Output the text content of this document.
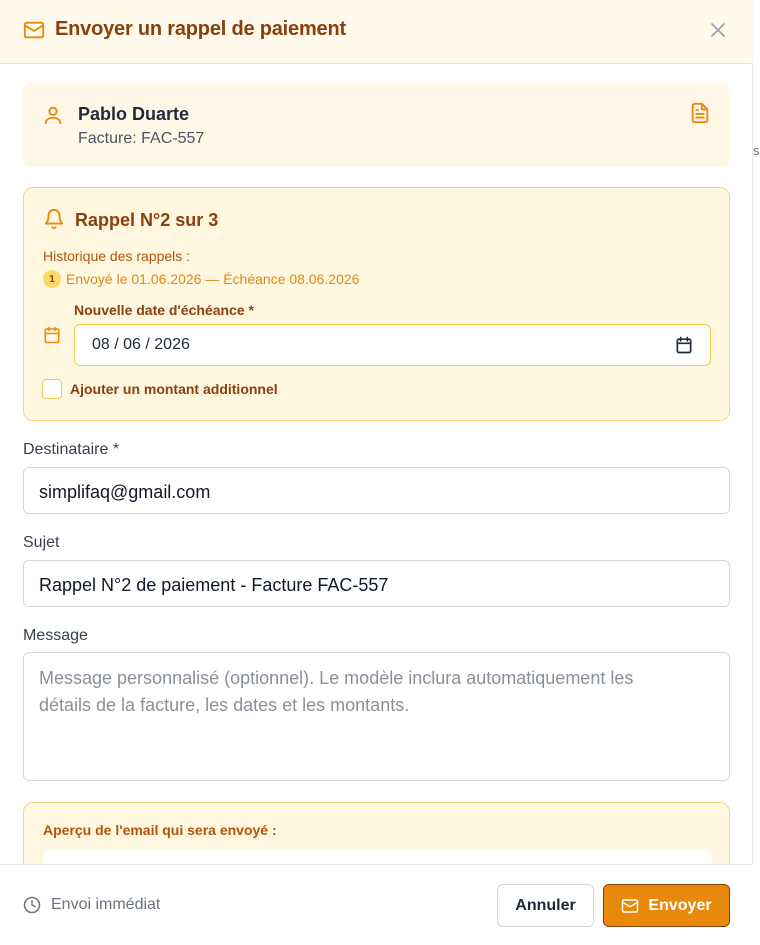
s
Envoyer un rappel de paiement
Pablo Duarte
Facture: FAC-557
Rappel N°2 sur 3
Historique des rappels :
1 Envoyé le 01.06.2026 — Échéance 08.06.2026
Nouvelle date d'échéance *
08 / 06 / 2026
Ajouter un montant additionnel
Destinataire *
simplifaq@gmail.com
Sujet
Rappel N°2 de paiement - Facture FAC-557
Message
Message personnalisé (optionnel). Le modèle inclura automatiquement les détails de la facture, les dates et les montants.
Aperçu de l'email qui sera envoyé :
Envoi immédiat	Annuler	Envoyer
